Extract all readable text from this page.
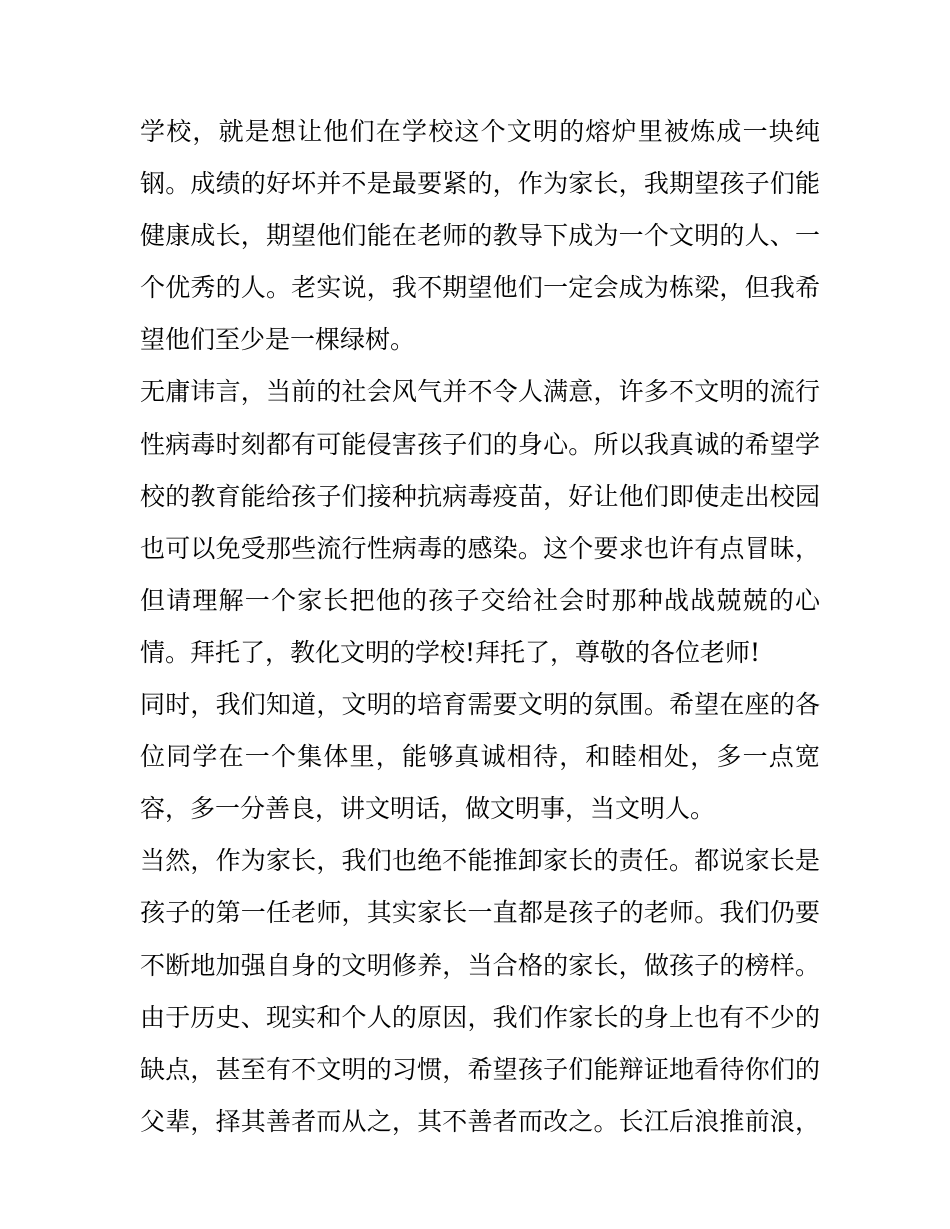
学校，就是想让他们在学校这个文明的熔炉里被炼成一块纯
钢。成绩的好坏并不是最要紧的，作为家长，我期望孩子们能
健康成长，期望他们能在老师的教导下成为一个文明的人、一
个优秀的人。老实说，我不期望他们一定会成为栋梁，但我希
望他们至少是一棵绿树。
无庸讳言，当前的社会风气并不令人满意，许多不文明的流行
性病毒时刻都有可能侵害孩子们的身心。所以我真诚的希望学
校的教育能给孩子们接种抗病毒疫苗，好让他们即使走出校园
也可以免受那些流行性病毒的感染。这个要求也许有点冒昧，
但请理解一个家长把他的孩子交给社会时那种战战兢兢的心
情。拜托了，教化文明的学校!拜托了，尊敬的各位老师!
同时，我们知道，文明的培育需要文明的氛围。希望在座的各
位同学在一个集体里，能够真诚相待，和睦相处，多一点宽
容，多一分善良，讲文明话，做文明事，当文明人。
当然，作为家长，我们也绝不能推卸家长的责任。都说家长是
孩子的第一任老师，其实家长一直都是孩子的老师。我们仍要
不断地加强自身的文明修养，当合格的家长，做孩子的榜样。
由于历史、现实和个人的原因，我们作家长的身上也有不少的
缺点，甚至有不文明的习惯，希望孩子们能辩证地看待你们的
父辈，择其善者而从之，其不善者而改之。长江后浪推前浪，
